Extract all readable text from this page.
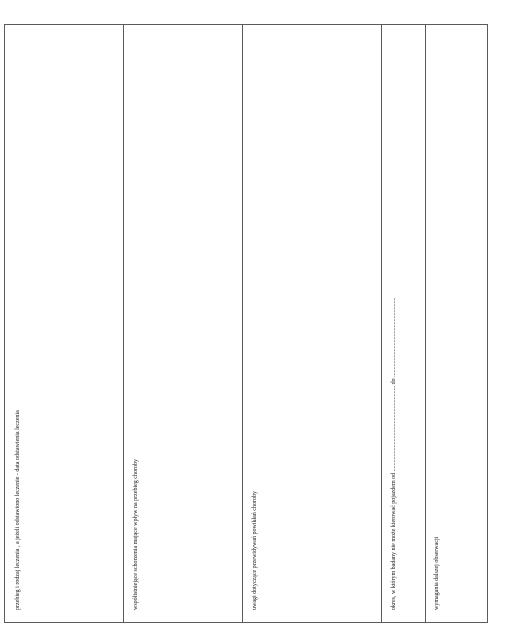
przebieg i rodzaj leczenia , a jeżeli odstawiono leczenie - data odstawienia leczenia	współistniejące schorzenia mające wpływ na przebieg choroby	uwagi dotyczące przewidywań powikłań choroby	okres, w którym badany nie może kierować pojazdem od ......................................................... do .....................................................	wymagania dalszej obserwacji
